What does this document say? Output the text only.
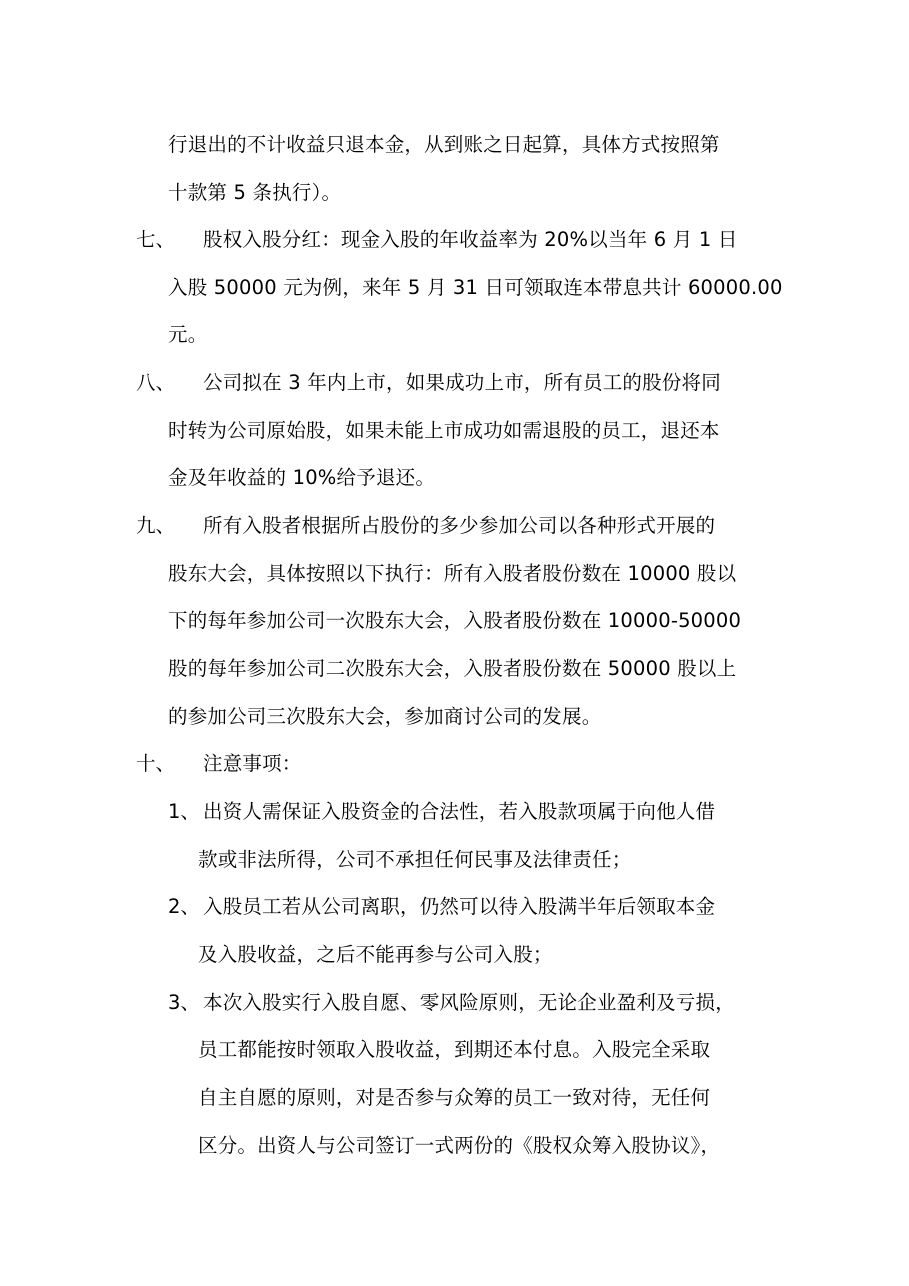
行退出的不计收益只退本金，从到账之日起算，具体方式按照第
十款第 5 条执行）。
七、 股权入股分红：现金入股的年收益率为 20%以当年 6 月 1 日
入股 50000 元为例，来年 5 月 31 日可领取连本带息共计 60000.00
元。
八、 公司拟在 3 年内上市，如果成功上市，所有员工的股份将同
时转为公司原始股，如果未能上市成功如需退股的员工，退还本
金及年收益的 10%给予退还。
九、 所有入股者根据所占股份的多少参加公司以各种形式开展的
股东大会，具体按照以下执行：所有入股者股份数在 10000 股以
下的每年参加公司一次股东大会，入股者股份数在 10000-50000
股的每年参加公司二次股东大会，入股者股份数在 50000 股以上
的参加公司三次股东大会，参加商讨公司的发展。
十、 注意事项：
1、 出资人需保证入股资金的合法性，若入股款项属于向他人借
款或非法所得，公司不承担任何民事及法律责任；
2、 入股员工若从公司离职，仍然可以待入股满半年后领取本金
及入股收益，之后不能再参与公司入股；
3、 本次入股实行入股自愿、零风险原则，无论企业盈利及亏损，
员工都能按时领取入股收益，到期还本付息。入股完全采取
自主自愿的原则，对是否参与众筹的员工一致对待，无任何
区分。出资人与公司签订一式两份的《股权众筹入股协议》，
